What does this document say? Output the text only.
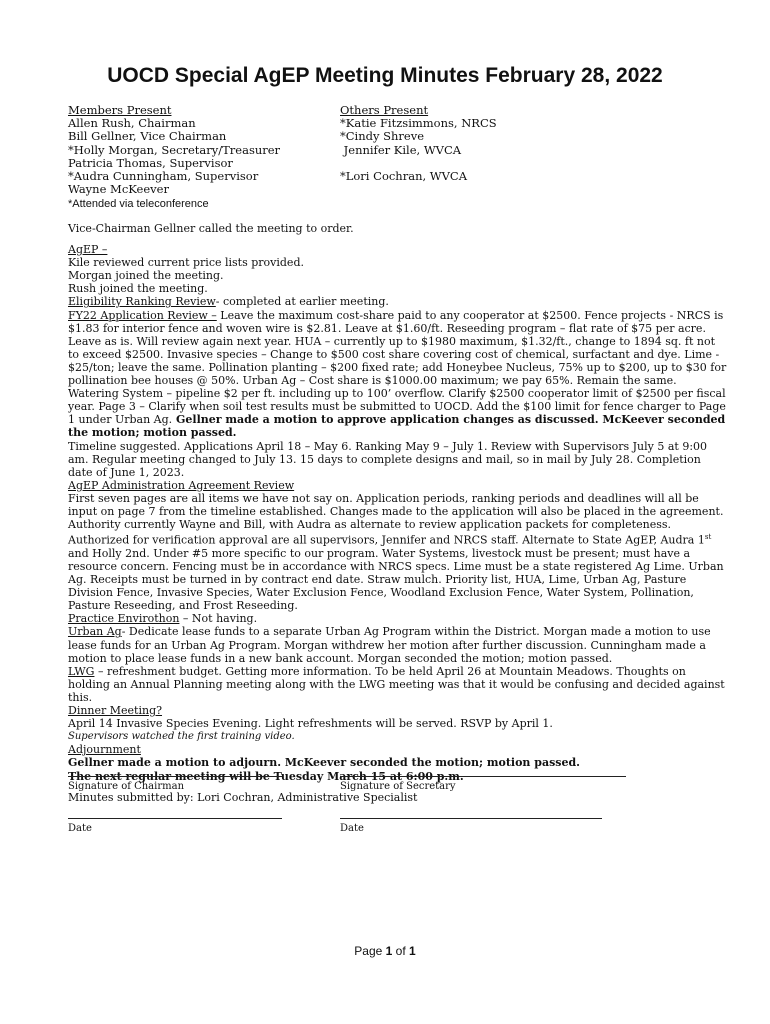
UOCD Special AgEP Meeting Minutes February 28, 2022
Members Present
Allen Rush, Chairman
Bill Gellner, Vice Chairman
*Holly Morgan, Secretary/Treasurer
Patricia Thomas, Supervisor
*Audra Cunningham, Supervisor
Wayne McKeever
*Attended via teleconference
Others Present
*Katie Fitzsimmons, NRCS
*Cindy Shreve
Jennifer Kile, WVCA
*Lori Cochran, WVCA

Vice-Chairman Gellner called the meeting to order.

AgEP –

Kile reviewed current price lists provided.

Morgan joined the meeting.

Rush joined the meeting.

Eligibility Ranking Review- completed at earlier meeting.

FY22 Application Review – Leave the maximum cost-share paid to any cooperator at $2500. Fence projects - NRCS is $1.83 for interior fence and woven wire is $2.81. Leave at $1.60/ft. Reseeding program – flat rate of $75 per acre. Leave as is. Will review again next year. HUA – currently up to $1980 maximum, $1.32/ft., change to 1894 sq. ft not to exceed $2500. Invasive species – Change to $500 cost share covering cost of chemical, surfactant and dye. Lime - $25/ton; leave the same. Pollination planting – $200 fixed rate; add Honeybee Nucleus, 75% up to $200, up to $30 for pollination bee houses @ 50%. Urban Ag – Cost share is $1000.00 maximum; we pay 65%. Remain the same. Watering System – pipeline $2 per ft. including up to 100’ overflow. Clarify $2500 cooperator limit of $2500 per fiscal year. Page 3 – Clarify when soil test results must be submitted to UOCD. Add the $100 limit for fence charger to Page 1 under Urban Ag. Gellner made a motion to approve application changes as discussed. McKeever seconded the motion; motion passed.

Timeline suggested. Applications April 18 – May 6. Ranking May 9 – July 1. Review with Supervisors July 5 at 9:00 am. Regular meeting changed to July 13. 15 days to complete designs and mail, so in mail by July 28. Completion date of June 1, 2023.

AgEP Administration Agreement Review

First seven pages are all items we have not say on. Application periods, ranking periods and deadlines will all be input on page 7 from the timeline established. Changes made to the application will also be placed in the agreement. Authority currently Wayne and Bill, with Audra as alternate to review application packets for completeness. Authorized for verification approval are all supervisors, Jennifer and NRCS staff. Alternate to State AgEP, Audra 1st and Holly 2nd. Under #5 more specific to our program. Water Systems, livestock must be present; must have a resource concern. Fencing must be in accordance with NRCS specs. Lime must be a state registered Ag Lime. Urban Ag. Receipts must be turned in by contract end date. Straw mulch. Priority list, HUA, Lime, Urban Ag, Pasture Division Fence, Invasive Species, Water Exclusion Fence, Woodland Exclusion Fence, Water System, Pollination, Pasture Reseeding, and Frost Reseeding.

Practice Envirothon – Not having.

Urban Ag- Dedicate lease funds to a separate Urban Ag Program within the District. Morgan made a motion to use lease funds for an Urban Ag Program. Morgan withdrew her motion after further discussion. Cunningham made a motion to place lease funds in a new bank account. Morgan seconded the motion; motion passed.

LWG – refreshment budget. Getting more information. To be held April 26 at Mountain Meadows. Thoughts on holding an Annual Planning meeting along with the LWG meeting was that it would be confusing and decided against this.

Dinner Meeting?

April 14 Invasive Species Evening. Light refreshments will be served. RSVP by April 1.

Supervisors watched the first training video.

Adjournment

Gellner made a motion to adjourn. McKeever seconded the motion; motion passed.

The next regular meeting will be Tuesday March 15 at 6:00 p.m.

Minutes submitted by: Lori Cochran, Administrative Specialist

Signature of Chairman	Signature of Secretary
Date	Date
Page 1 of 1
